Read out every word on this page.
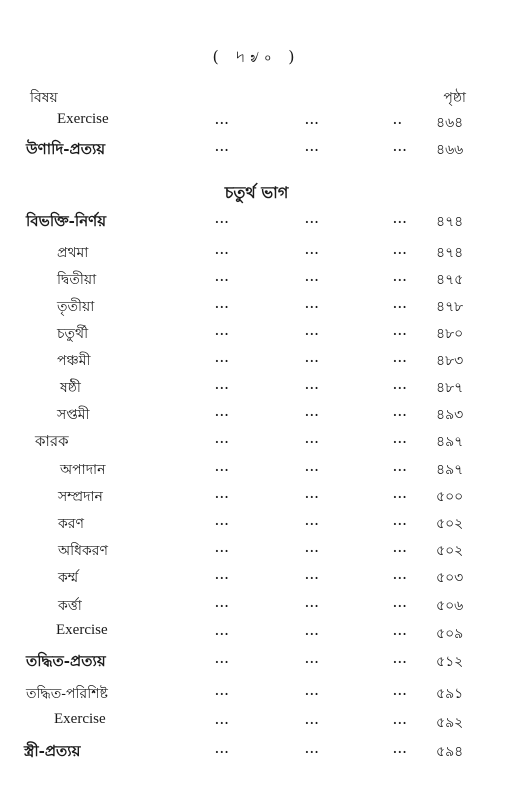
( ৸৶৹ )
বিষয়	পৃষ্ঠা
Exercise	...	...	.. ৪৬৪
উণাদি-প্রত্যয়	...	...	... ৪৬৬
চতুর্থ ভাগ
বিভক্তি-নির্ণয়	...	...	... ৪৭৪
প্রথমা	...	...	... ৪৭৪
দ্বিতীয়া	...	...	... ৪৭৫
তৃতীয়া	...	...	... ৪৭৮
চতুর্থী	...	...	... ৪৮০
পঞ্চমী	...	...	... ৪৮৩
ষষ্ঠী	...	...	... ৪৮৭
সপ্তমী	...	...	... ৪৯৩
কারক	...	...	... ৪৯৭
অপাদান	...	...	... ৪৯৭
সম্প্রদান	...	...	... ৫০০
করণ	...	...	... ৫০২
অধিকরণ	...	...	... ৫০২
কর্ম্ম	...	...	... ৫০৩
কর্ত্তা	...	...	... ৫০৬
Exercise	...	...	... ৫০৯
তদ্ধিত-প্রত্যয়	...	...	... ৫১২
তদ্ধিত-পরিশিষ্ট	...	...	... ৫৯১
Exercise	...	...	... ৫৯২
স্ত্রী-প্রত্যয়	...	...	... ৫৯৪
